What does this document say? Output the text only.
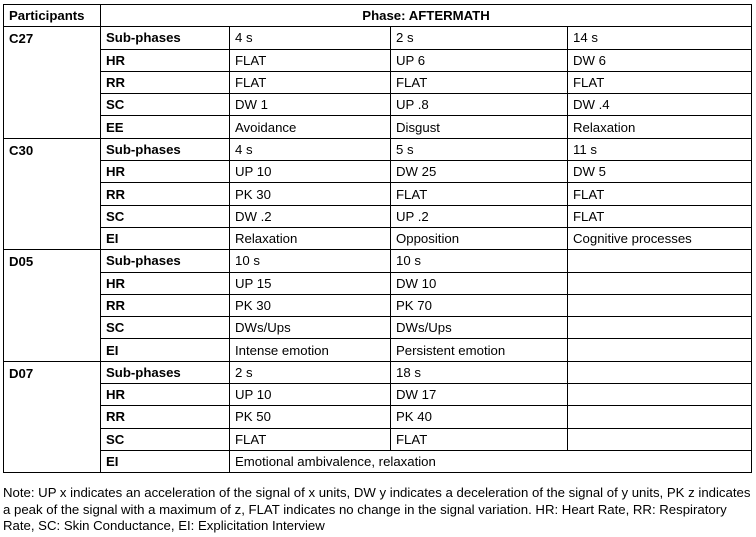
Participants	Phase: AFTERMATH			
C27	Sub-phases	4 s	2 s	14 s
	HR	FLAT	UP 6	DW 6
	RR	FLAT	FLAT	FLAT
	SC	DW 1	UP .8	DW .4
	EE	Avoidance	Disgust	Relaxation
C30	Sub-phases	4 s	5 s	11 s
	HR	UP 10	DW 25	DW 5
	RR	PK 30	FLAT	FLAT
	SC	DW .2	UP .2	FLAT
	EI	Relaxation	Opposition	Cognitive processes
D05	Sub-phases	10 s	10 s	
	HR	UP 15	DW 10	
	RR	PK 30	PK 70	
	SC	DWs/Ups	DWs/Ups	
	EI	Intense emotion	Persistent emotion	
D07	Sub-phases	2 s	18 s	
	HR	UP 10	DW 17	
	RR	PK 50	PK 40	
	SC	FLAT	FLAT	
	EI	Emotional ambivalence, relaxation		
Note: UP x indicates an acceleration of the signal of x units, DW y indicates a deceleration of the signal of y units, PK z indicates a peak of the signal with a maximum of z, FLAT indicates no change in the signal variation. HR: Heart Rate, RR: Respiratory Rate, SC: Skin Conductance, EI: Explicitation Interview
